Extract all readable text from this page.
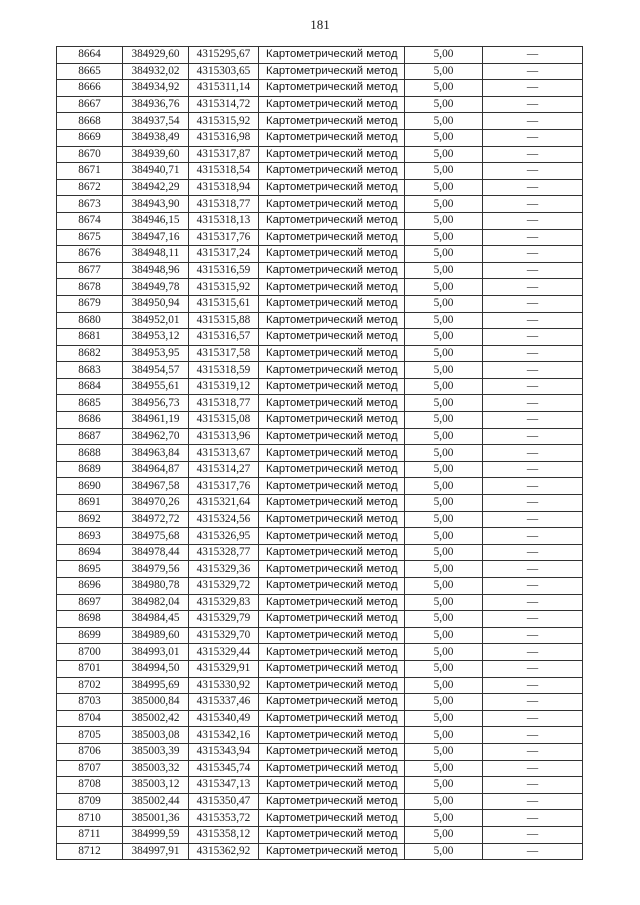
181
8664	384929,60	4315295,67	Картометрический метод	5,00	—
8665	384932,02	4315303,65	Картометрический метод	5,00	—
8666	384934,92	4315311,14	Картометрический метод	5,00	—
8667	384936,76	4315314,72	Картометрический метод	5,00	—
8668	384937,54	4315315,92	Картометрический метод	5,00	—
8669	384938,49	4315316,98	Картометрический метод	5,00	—
8670	384939,60	4315317,87	Картометрический метод	5,00	—
8671	384940,71	4315318,54	Картометрический метод	5,00	—
8672	384942,29	4315318,94	Картометрический метод	5,00	—
8673	384943,90	4315318,77	Картометрический метод	5,00	—
8674	384946,15	4315318,13	Картометрический метод	5,00	—
8675	384947,16	4315317,76	Картометрический метод	5,00	—
8676	384948,11	4315317,24	Картометрический метод	5,00	—
8677	384948,96	4315316,59	Картометрический метод	5,00	—
8678	384949,78	4315315,92	Картометрический метод	5,00	—
8679	384950,94	4315315,61	Картометрический метод	5,00	—
8680	384952,01	4315315,88	Картометрический метод	5,00	—
8681	384953,12	4315316,57	Картометрический метод	5,00	—
8682	384953,95	4315317,58	Картометрический метод	5,00	—
8683	384954,57	4315318,59	Картометрический метод	5,00	—
8684	384955,61	4315319,12	Картометрический метод	5,00	—
8685	384956,73	4315318,77	Картометрический метод	5,00	—
8686	384961,19	4315315,08	Картометрический метод	5,00	—
8687	384962,70	4315313,96	Картометрический метод	5,00	—
8688	384963,84	4315313,67	Картометрический метод	5,00	—
8689	384964,87	4315314,27	Картометрический метод	5,00	—
8690	384967,58	4315317,76	Картометрический метод	5,00	—
8691	384970,26	4315321,64	Картометрический метод	5,00	—
8692	384972,72	4315324,56	Картометрический метод	5,00	—
8693	384975,68	4315326,95	Картометрический метод	5,00	—
8694	384978,44	4315328,77	Картометрический метод	5,00	—
8695	384979,56	4315329,36	Картометрический метод	5,00	—
8696	384980,78	4315329,72	Картометрический метод	5,00	—
8697	384982,04	4315329,83	Картометрический метод	5,00	—
8698	384984,45	4315329,79	Картометрический метод	5,00	—
8699	384989,60	4315329,70	Картометрический метод	5,00	—
8700	384993,01	4315329,44	Картометрический метод	5,00	—
8701	384994,50	4315329,91	Картометрический метод	5,00	—
8702	384995,69	4315330,92	Картометрический метод	5,00	—
8703	385000,84	4315337,46	Картометрический метод	5,00	—
8704	385002,42	4315340,49	Картометрический метод	5,00	—
8705	385003,08	4315342,16	Картометрический метод	5,00	—
8706	385003,39	4315343,94	Картометрический метод	5,00	—
8707	385003,32	4315345,74	Картометрический метод	5,00	—
8708	385003,12	4315347,13	Картометрический метод	5,00	—
8709	385002,44	4315350,47	Картометрический метод	5,00	—
8710	385001,36	4315353,72	Картометрический метод	5,00	—
8711	384999,59	4315358,12	Картометрический метод	5,00	—
8712	384997,91	4315362,92	Картометрический метод	5,00	—
